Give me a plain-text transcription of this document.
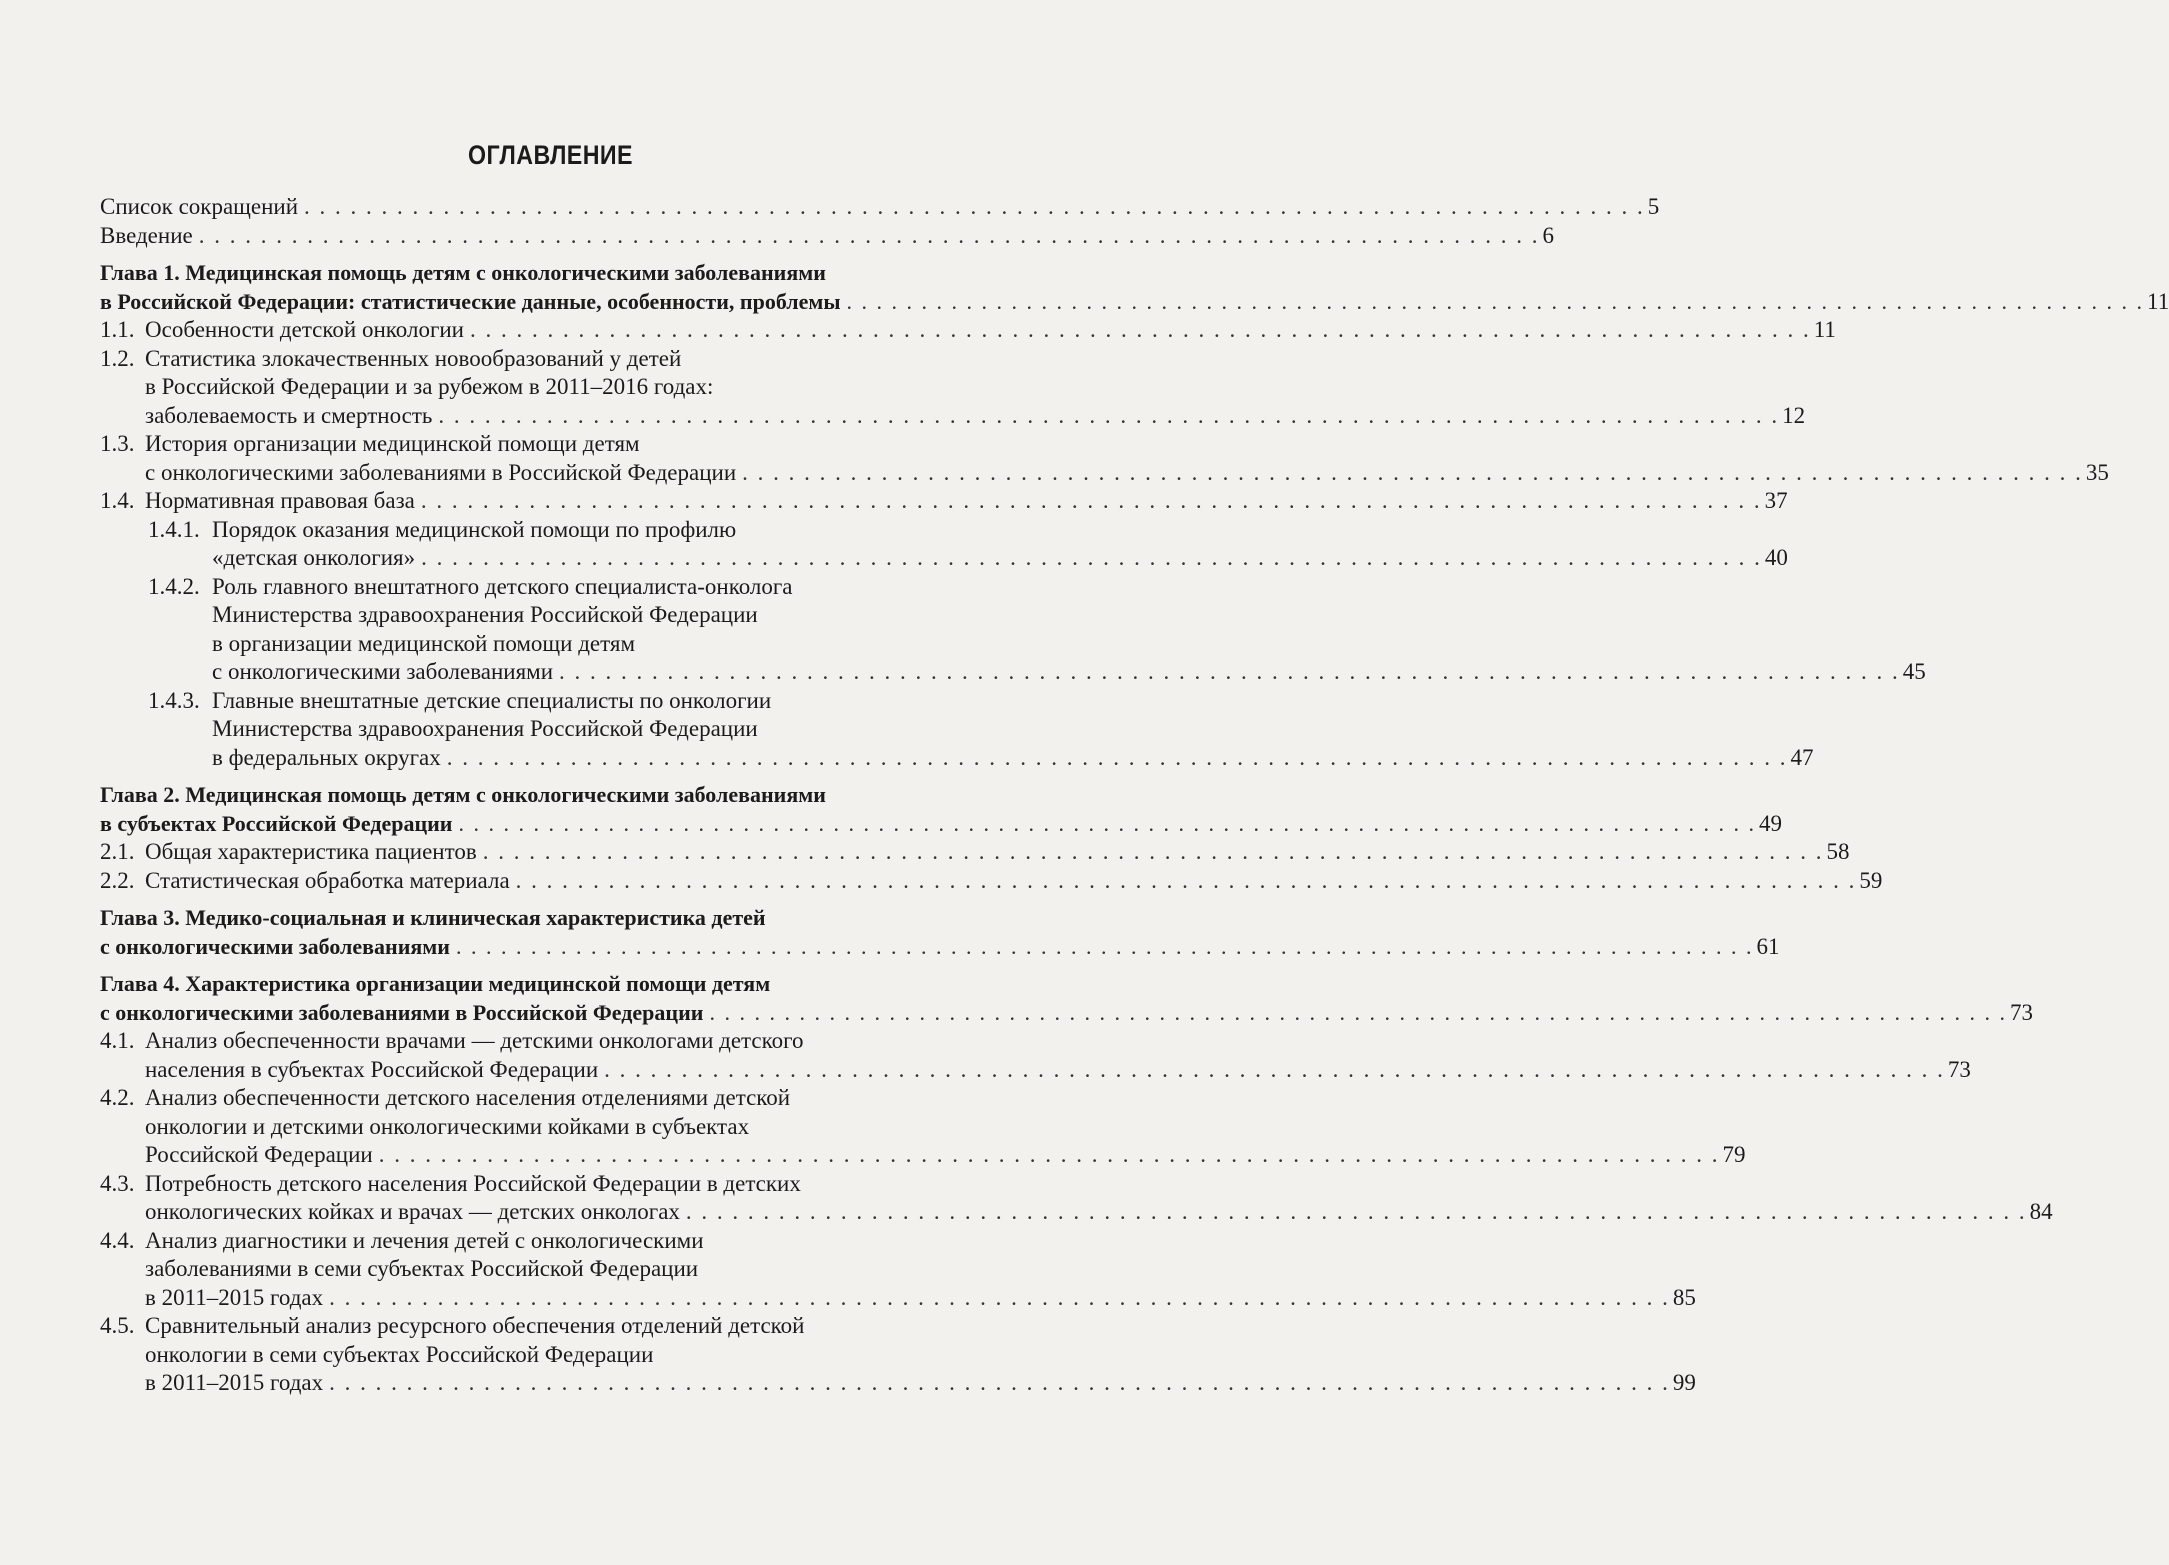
ОГЛАВЛЕНИЕ
Список сокращений . . . . . . . . . . . . . . . . . . . . . . . . . . . . . . . . . . . . . . . . . . . . . . . . . . . . . . . . . . . . . . . . . . . . . . . . . . . . . . . . . . . . . . . 5
Введение . . . . . . . . . . . . . . . . . . . . . . . . . . . . . . . . . . . . . . . . . . . . . . . . . . . . . . . . . . . . . . . . . . . . . . . . . . . . . . . . . . . . . . . 6
Глава 1. Медицинская помощь детям с онкологическими заболеваниями
в Российской Федерации: статистические данные, особенности, проблемы . . . . . . . . . . . . . . . . . . . . . . . . . . . . . . . . . . . . . . . . . . . . . . . . . . . . . . . . . . . . . . . . . . . . . . . . . . . . . . . . . . . . . . . 11
1.1. Особенности детской онкологии . . . . . . . . . . . . . . . . . . . . . . . . . . . . . . . . . . . . . . . . . . . . . . . . . . . . . . . . . . . . . . . . . . . . . . . . . . . . . . . . . . . . . . . 11
1.2. Статистика злокачественных новообразований у детей
в Российской Федерации и за рубежом в 2011–2016 годах:
заболеваемость и смертность . . . . . . . . . . . . . . . . . . . . . . . . . . . . . . . . . . . . . . . . . . . . . . . . . . . . . . . . . . . . . . . . . . . . . . . . . . . . . . . . . . . . . . . 12
1.3. История организации медицинской помощи детям
с онкологическими заболеваниями в Российской Федерации . . . . . . . . . . . . . . . . . . . . . . . . . . . . . . . . . . . . . . . . . . . . . . . . . . . . . . . . . . . . . . . . . . . . . . . . . . . . . . . . . . . . . . . 35
1.4. Нормативная правовая база . . . . . . . . . . . . . . . . . . . . . . . . . . . . . . . . . . . . . . . . . . . . . . . . . . . . . . . . . . . . . . . . . . . . . . . . . . . . . . . . . . . . . . . 37
1.4.1. Порядок оказания медицинской помощи по профилю
«детская онкология» . . . . . . . . . . . . . . . . . . . . . . . . . . . . . . . . . . . . . . . . . . . . . . . . . . . . . . . . . . . . . . . . . . . . . . . . . . . . . . . . . . . . . . . 40
1.4.2. Роль главного внештатного детского специалиста-онколога
Министерства здравоохранения Российской Федерации
в организации медицинской помощи детям
с онкологическими заболеваниями . . . . . . . . . . . . . . . . . . . . . . . . . . . . . . . . . . . . . . . . . . . . . . . . . . . . . . . . . . . . . . . . . . . . . . . . . . . . . . . . . . . . . . . 45
1.4.3. Главные внештатные детские специалисты по онкологии
Министерства здравоохранения Российской Федерации
в федеральных округах . . . . . . . . . . . . . . . . . . . . . . . . . . . . . . . . . . . . . . . . . . . . . . . . . . . . . . . . . . . . . . . . . . . . . . . . . . . . . . . . . . . . . . . 47
Глава 2. Медицинская помощь детям с онкологическими заболеваниями
в субъектах Российской Федерации . . . . . . . . . . . . . . . . . . . . . . . . . . . . . . . . . . . . . . . . . . . . . . . . . . . . . . . . . . . . . . . . . . . . . . . . . . . . . . . . . . . . . . . 49
2.1. Общая характеристика пациентов . . . . . . . . . . . . . . . . . . . . . . . . . . . . . . . . . . . . . . . . . . . . . . . . . . . . . . . . . . . . . . . . . . . . . . . . . . . . . . . . . . . . . . . 58
2.2. Статистическая обработка материала . . . . . . . . . . . . . . . . . . . . . . . . . . . . . . . . . . . . . . . . . . . . . . . . . . . . . . . . . . . . . . . . . . . . . . . . . . . . . . . . . . . . . . . 59
Глава 3. Медико-социальная и клиническая характеристика детей
с онкологическими заболеваниями . . . . . . . . . . . . . . . . . . . . . . . . . . . . . . . . . . . . . . . . . . . . . . . . . . . . . . . . . . . . . . . . . . . . . . . . . . . . . . . . . . . . . . . 61
Глава 4. Характеристика организации медицинской помощи детям
с онкологическими заболеваниями в Российской Федерации . . . . . . . . . . . . . . . . . . . . . . . . . . . . . . . . . . . . . . . . . . . . . . . . . . . . . . . . . . . . . . . . . . . . . . . . . . . . . . . . . . . . . . . 73
4.1. Анализ обеспеченности врачами — детскими онкологами детского
населения в субъектах Российской Федерации . . . . . . . . . . . . . . . . . . . . . . . . . . . . . . . . . . . . . . . . . . . . . . . . . . . . . . . . . . . . . . . . . . . . . . . . . . . . . . . . . . . . . . . 73
4.2. Анализ обеспеченности детского населения отделениями детской
онкологии и детскими онкологическими койками в субъектах
Российской Федерации . . . . . . . . . . . . . . . . . . . . . . . . . . . . . . . . . . . . . . . . . . . . . . . . . . . . . . . . . . . . . . . . . . . . . . . . . . . . . . . . . . . . . . . 79
4.3. Потребность детского населения Российской Федерации в детских
онкологических койках и врачах — детских онкологах . . . . . . . . . . . . . . . . . . . . . . . . . . . . . . . . . . . . . . . . . . . . . . . . . . . . . . . . . . . . . . . . . . . . . . . . . . . . . . . . . . . . . . . 84
4.4. Анализ диагностики и лечения детей с онкологическими
заболеваниями в семи субъектах Российской Федерации
в 2011–2015 годах . . . . . . . . . . . . . . . . . . . . . . . . . . . . . . . . . . . . . . . . . . . . . . . . . . . . . . . . . . . . . . . . . . . . . . . . . . . . . . . . . . . . . . . 85
4.5. Сравнительный анализ ресурсного обеспечения отделений детской
онкологии в семи субъектах Российской Федерации
в 2011–2015 годах . . . . . . . . . . . . . . . . . . . . . . . . . . . . . . . . . . . . . . . . . . . . . . . . . . . . . . . . . . . . . . . . . . . . . . . . . . . . . . . . . . . . . . . 99
